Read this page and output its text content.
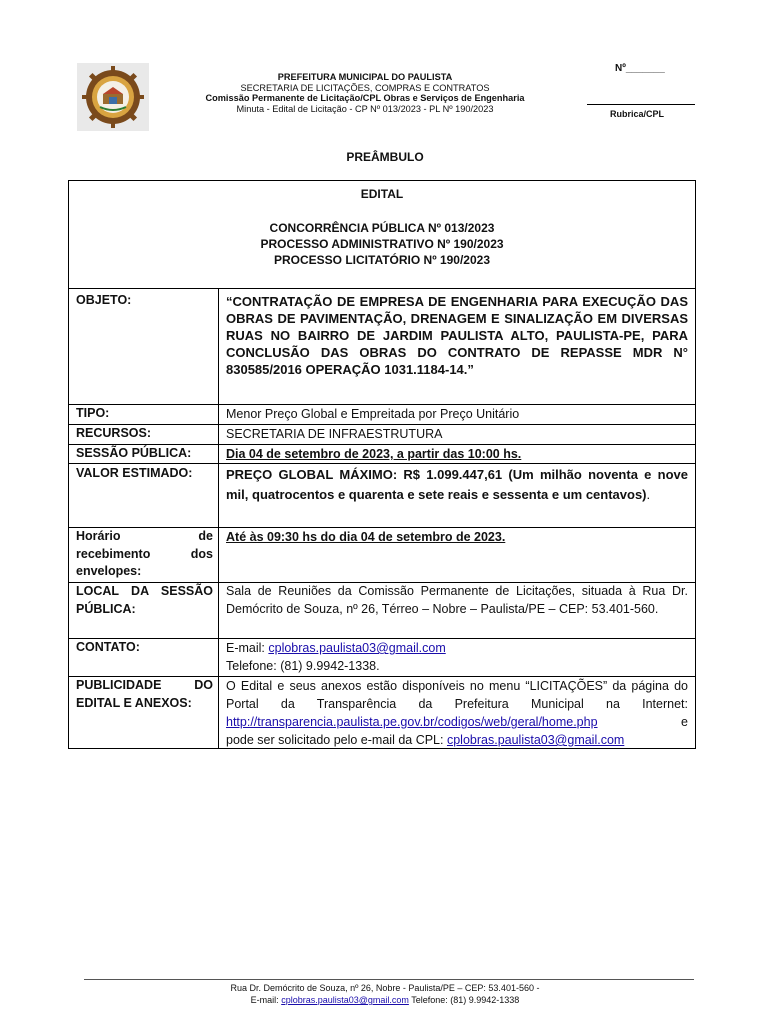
PREFEITURA MUNICIPAL DO PAULISTA
SECRETARIA DE LICITAÇÕES, COMPRAS E CONTRATOS
Comissão Permanente de Licitação/CPL Obras e Serviços de Engenharia
Minuta - Edital de Licitação - CP Nº 013/2023 - PL Nº 190/2023
Nº_______
Rubrica/CPL
PREÂMBULO
EDITAL
CONCORRÊNCIA PÚBLICA Nº 013/2023
PROCESSO ADMINISTRATIVO Nº 190/2023
PROCESSO LICITATÓRIO Nº 190/2023
OBJETO:	“CONTRATAÇÃO DE EMPRESA DE ENGENHARIA PARA EXECUÇÃO DAS OBRAS DE PAVIMENTAÇÃO, DRENAGEM E SINALIZAÇÃO EM DIVERSAS RUAS NO BAIRRO DE JARDIM PAULISTA ALTO, PAULISTA-PE, PARA CONCLUSÃO DAS OBRAS DO CONTRATO DE REPASSE MDR N° 830585/2016 OPERAÇÃO 1031.1184-14.”
TIPO:	Menor Preço Global e Empreitada por Preço Unitário
RECURSOS:	SECRETARIA DE INFRAESTRUTURA
SESSÃO PÚBLICA:	Dia 04 de setembro de 2023, a partir das 10:00 hs.
VALOR ESTIMADO:	PREÇO GLOBAL MÁXIMO: R$ 1.099.447,61 (Um milhão noventa e nove mil, quatrocentos e quarenta e sete reais e sessenta e um centavos).
Horário de recebimento dos envelopes:
Até às 09:30 hs do dia 04 de setembro de 2023.
LOCAL DA SESSÃO PÚBLICA:
Sala de Reuniões da Comissão Permanente de Licitações, situada à Rua Dr. Demócrito de Souza, nº 26, Térreo – Nobre – Paulista/PE – CEP: 53.401-560.
CONTATO:	E-mail: cplobras.paulista03@gmail.com
Telefone: (81) 9.9942-1338.
PUBLICIDADE DO EDITAL E ANEXOS:
O Edital e seus anexos estão disponíveis no menu “LICITAÇÕES” da página do Portal da Transparência da Prefeitura Municipal na Internet:
http://transparencia.paulista.pe.gov.br/codigos/web/geral/home.php	e
pode ser solicitado pelo e-mail da CPL: cplobras.paulista03@gmail.com
Rua Dr. Demócrito de Souza, nº 26, Nobre - Paulista/PE – CEP: 53.401-560 -
E-mail: cplobras.paulista03@gmail.com Telefone: (81) 9.9942-1338
